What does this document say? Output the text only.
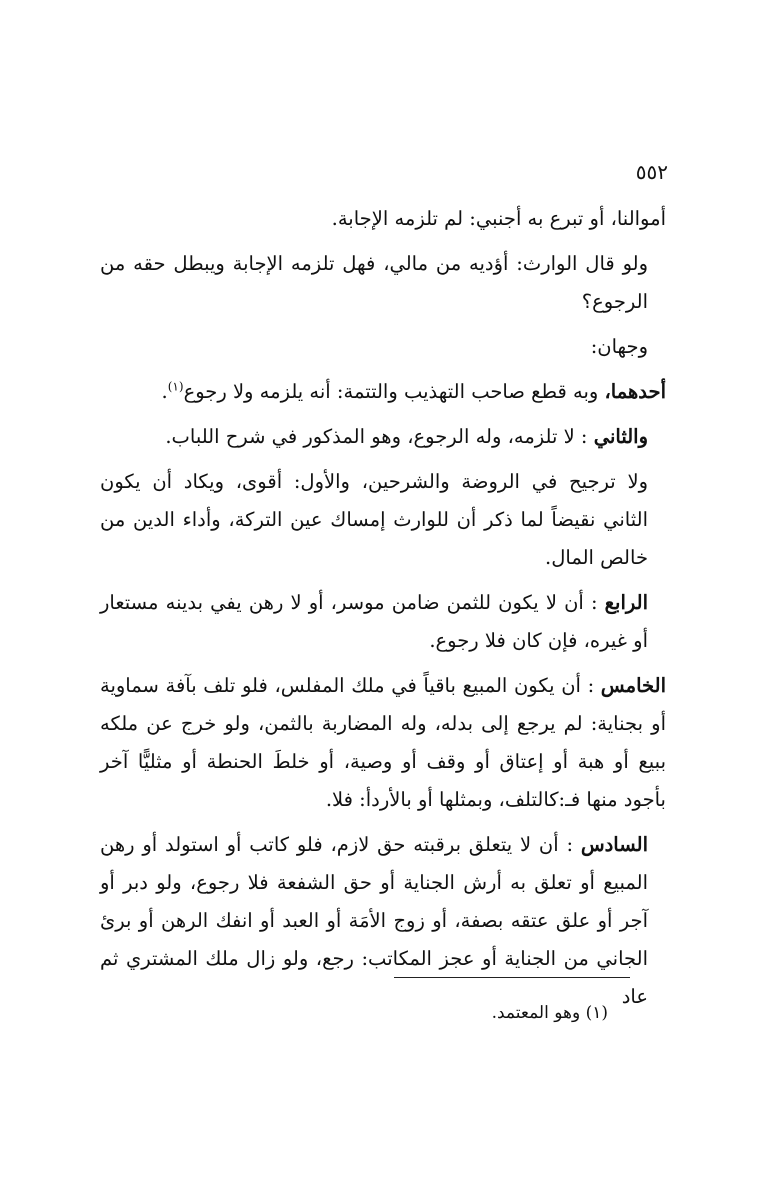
٥٥٢

أموالنا، أو تبرع به أجنبي: لم تلزمه الإجابة.

ولو قال الوارث: أؤديه من مالي، فهل تلزمه الإجابة ويبطل حقه من الرجوع؟

وجهان:

أحدهما، وبه قطع صاحب التهذيب والتتمة: أنه يلزمه ولا رجوع$^{(١)}$.

والثاني : لا تلزمه، وله الرجوع، وهو المذكور في شرح اللباب.

ولا ترجيح في الروضة والشرحين، والأول: أقوى، ويكاد أن يكون الثاني نقيضاً لما ذكر أن للوارث إمساك عين التركة، وأداء الدين من خالص المال.

الرابع : أن لا يكون للثمن ضامن موسر، أو لا رهن يفي بدينه مستعار أو غيره، فإن كان فلا رجوع.

الخامس : أن يكون المبيع باقياً في ملك المفلس، فلو تلف بآفة سماوية أو بجناية: لم يرجع إلى بدله، وله المضاربة بالثمن، ولو خرج عن ملكه ببيع أو هبة أو إعتاق أو وقف أو وصية، أو خلطَ الحنطة أو مثليًّا آخر بأجود منها فـ:كالتلف، وبمثلها أو بالأردأ: فلا.

السادس : أن لا يتعلق برقبته حق لازم، فلو كاتب أو استولد أو رهن المبيع أو تعلق به أرش الجناية أو حق الشفعة فلا رجوع، ولو دبر أو آجر أو علق عتقه بصفة، أو زوج الأمَة أو العبد أو انفك الرهن أو برئ الجاني من الجناية أو عجز المكاتب: رجع، ولو زال ملك المشتري ثم عاد

(١) وهو المعتمد.
